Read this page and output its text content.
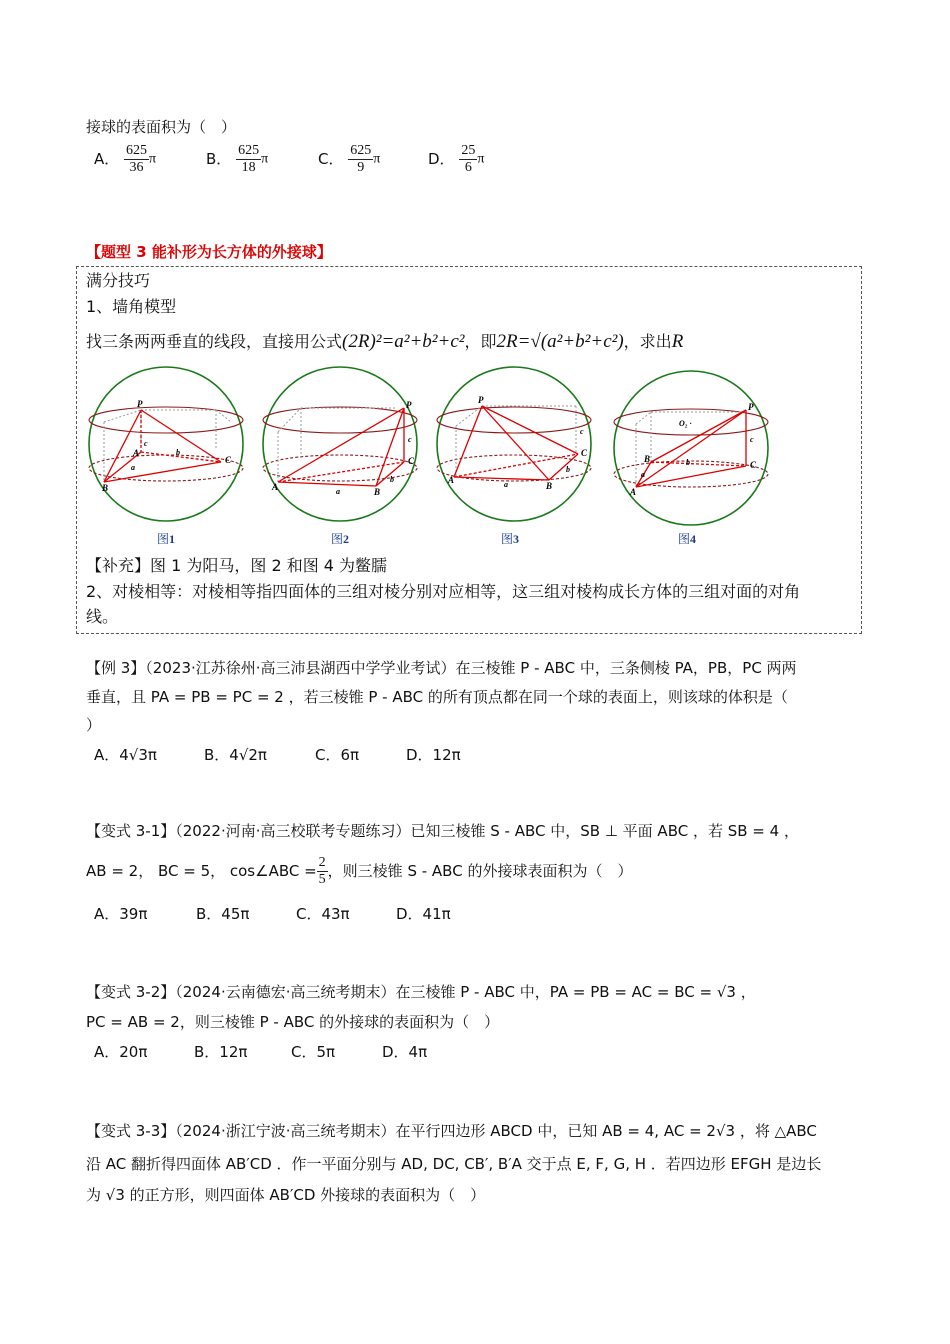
接球的表面积为（　）
A． $\frac{625}{36}$ π	B． $\frac{625}{18}$ π	C． $\frac{625}{9}$ π	D． $\frac{25}{6}$ π
【题型 3 能补形为长方体的外接球】
满分技巧
1、墙角模型
找三条两两垂直的线段，直接用公式(2R)²=a²+b²+c²，即2R=√(a²+b²+c²)，求出R
P
A
B
C
c
b
a
P
A	B
C
c
b
a
P
A
B
C
c
b
a
P
A
B
C
O₂ ·
c
b
a
图1	图2	图3	图4
【补充】图 1 为阳马，图 2 和图 4 为鳖臑
2、对棱相等：对棱相等指四面体的三组对棱分别对应相等，这三组对棱构成长方体的三组对面的对角
线。
【例 3】（2023·江苏徐州·高三沛县湖西中学学业考试）在三棱锥 P - ABC 中，三条侧棱 PA，PB，PC 两两
垂直，且 PA = PB = PC = 2 ，若三棱锥 P - ABC 的所有顶点都在同一个球的表面上，则该球的体积是（
）
A．4√3π	B．4√2π	C．6π	D．12π
【变式 3-1】（2022·河南·高三校联考专题练习）已知三棱锥 S - ABC 中，SB ⊥ 平面 ABC ，若 SB = 4 ，
AB = 2， BC = 5， cos∠ABC = $\frac{2}{5}$ ，则三棱锥 S - ABC 的外接球表面积为（　）
A．39π	B．45π	C．43π	D．41π
【变式 3-2】（2024·云南德宏·高三统考期末）在三棱锥 P - ABC 中，PA = PB = AC = BC = √3 ，
PC = AB = 2，则三棱锥 P - ABC 的外接球的表面积为（　）
A．20π	B．12π	C．5π	D．4π
【变式 3-3】（2024·浙江宁波·高三统考期末）在平行四边形 ABCD 中，已知 AB = 4, AC = 2√3 ，将 △ABC
沿 AC 翻折得四面体 AB′CD ．作一平面分别与 AD, DC, CB′, B′A 交于点 E, F, G, H ．若四边形 EFGH 是边长
为 √3 的正方形，则四面体 AB′CD 外接球的表面积为（　）
